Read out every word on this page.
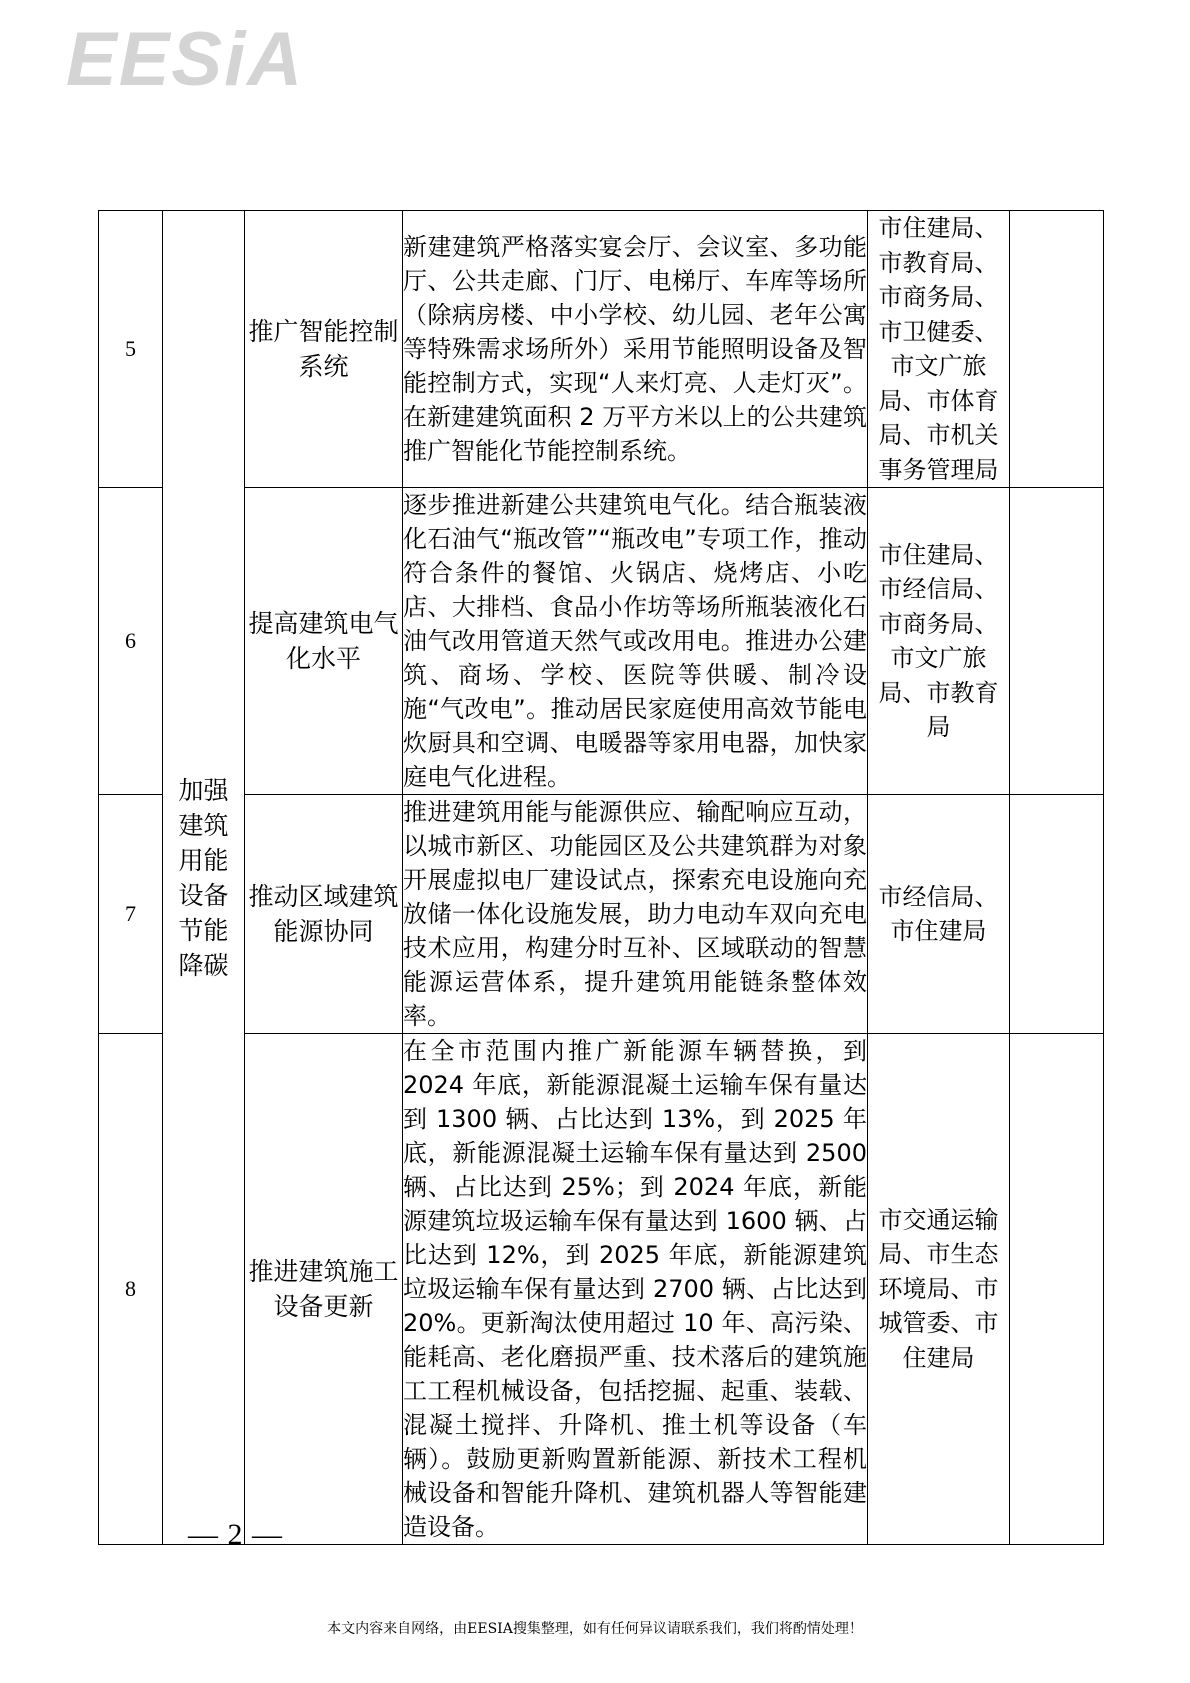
EESiA
5	加强建筑用能设备节能降碳	推广智能控制系统	新建建筑严格落实宴会厅、会议室、多功能厅、公共走廊、门厅、电梯厅、车库等场所（除病房楼、中小学校、幼儿园、老年公寓等特殊需求场所外）采用节能照明设备及智能控制方式，实现“人来灯亮、人走灯灭”。在新建建筑面积 2 万平方米以上的公共建筑推广智能化节能控制系统。	市住建局、市教育局、市商务局、市卫健委、市文广旅局、市体育局、市机关事务管理局	

6		提高建筑电气化水平	逐步推进新建公共建筑电气化。结合瓶装液化石油气“瓶改管”“瓶改电”专项工作，推动符合条件的餐馆、火锅店、烧烤店、小吃店、大排档、食品小作坊等场所瓶装液化石油气改用管道天然气或改用电。推进办公建筑、商场、学校、医院等供暖、制冷设施“气改电”。推动居民家庭使用高效节能电炊厨具和空调、电暖器等家用电器，加快家庭电气化进程。	市住建局、市经信局、市商务局、市文广旅局、市教育局	

7		推动区域建筑能源协同	推进建筑用能与能源供应、输配响应互动，以城市新区、功能园区及公共建筑群为对象开展虚拟电厂建设试点，探索充电设施向充放储一体化设施发展，助力电动车双向充电技术应用，构建分时互补、区域联动的智慧能源运营体系，提升建筑用能链条整体效率。	市经信局、市住建局	

8		推进建筑施工设备更新	在全市范围内推广新能源车辆替换，到 2024 年底，新能源混凝土运输车保有量达到 1300 辆、占比达到 13%，到 2025 年底，新能源混凝土运输车保有量达到 2500 辆、占比达到 25%；到 2024 年底，新能源建筑垃圾运输车保有量达到 1600 辆、占比达到 12%，到 2025 年底，新能源建筑垃圾运输车保有量达到 2700 辆、占比达到 20%。更新淘汰使用超过 10 年、高污染、能耗高、老化磨损严重、技术落后的建筑施工工程机械设备，包括挖掘、起重、装载、混凝土搅拌、升降机、推土机等设备（车辆）。鼓励更新购置新能源、新技术工程机械设备和智能升降机、建筑机器人等智能建造设备。	市交通运输局、市生态环境局、市城管委、市住建局	

— 2 —
本文内容来自网络，由EESIA搜集整理，如有任何异议请联系我们，我们将酌情处理！
